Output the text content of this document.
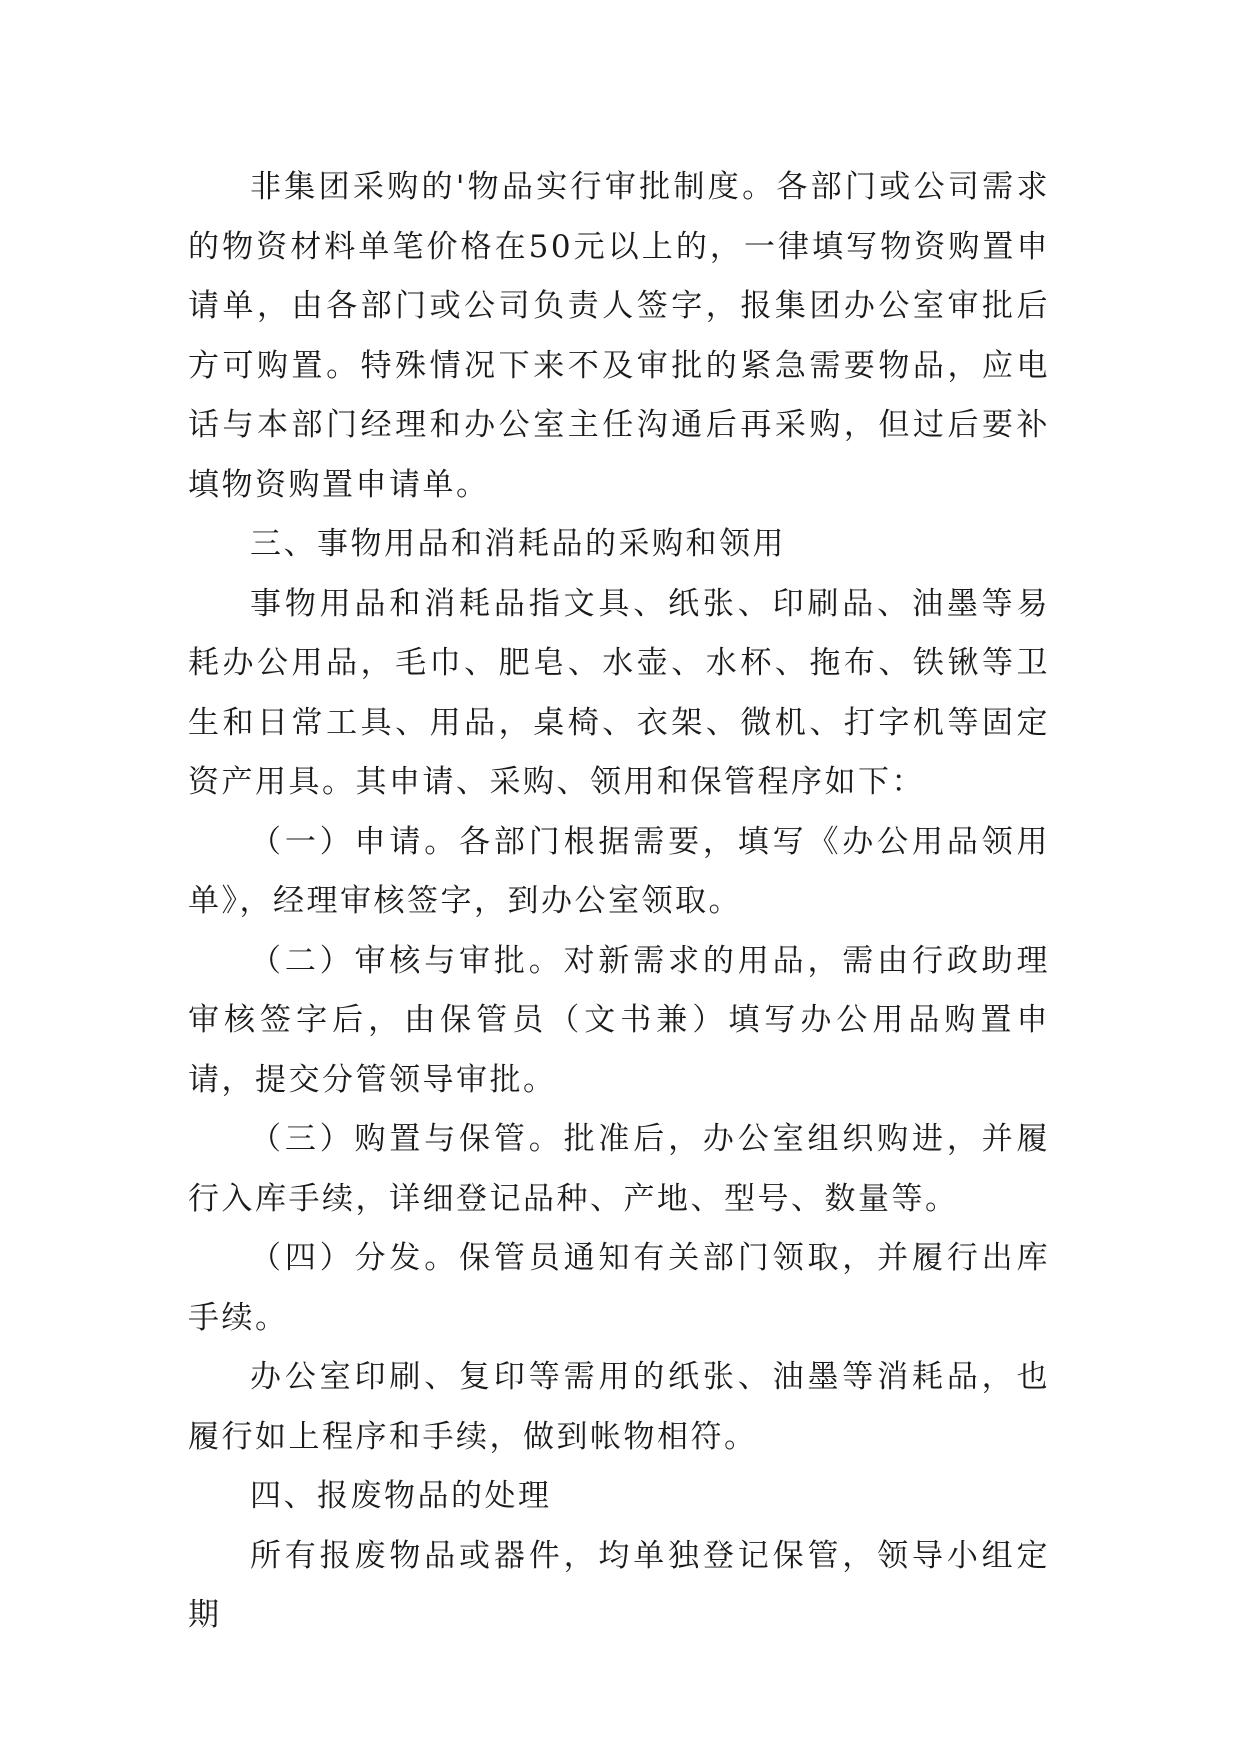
非集团采购的'物品实行审批制度。各部门或公司需求的物资材料单笔价格在50元以上的，一律填写物资购置申请单，由各部门或公司负责人签字，报集团办公室审批后方可购置。特殊情况下来不及审批的紧急需要物品，应电话与本部门经理和办公室主任沟通后再采购，但过后要补填物资购置申请单。

三、事物用品和消耗品的采购和领用

事物用品和消耗品指文具、纸张、印刷品、油墨等易耗办公用品，毛巾、肥皂、水壶、水杯、拖布、铁锹等卫生和日常工具、用品，桌椅、衣架、微机、打字机等固定资产用具。其申请、采购、领用和保管程序如下：

（一）申请。各部门根据需要，填写《办公用品领用单》，经理审核签字，到办公室领取。

（二）审核与审批。对新需求的用品，需由行政助理审核签字后，由保管员（文书兼）填写办公用品购置申请，提交分管领导审批。

（三）购置与保管。批准后，办公室组织购进，并履行入库手续，详细登记品种、产地、型号、数量等。

（四）分发。保管员通知有关部门领取，并履行出库手续。

办公室印刷、复印等需用的纸张、油墨等消耗品，也履行如上程序和手续，做到帐物相符。

四、报废物品的处理

所有报废物品或器件，均单独登记保管，领导小组定期
